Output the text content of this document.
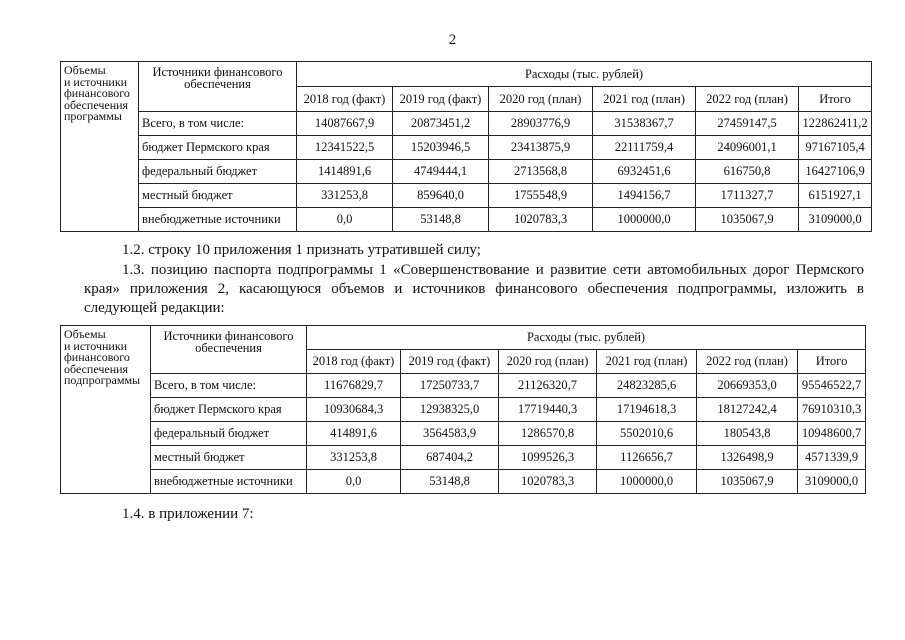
2
Объемы
и источники
финансового
обеспечения
программы	Источники финансового обеспечения	Расходы (тыс. рублей)					
		2018 год (факт)	2019 год (факт)	2020 год (план)	2021 год (план)	2022 год (план)	Итого
	Всего, в том числе:	14087667,9	20873451,2	28903776,9	31538367,7	27459147,5	122862411,2
	бюджет Пермского края	12341522,5	15203946,5	23413875,9	22111759,4	24096001,1	97167105,4
	федеральный бюджет	1414891,6	4749444,1	2713568,8	6932451,6	616750,8	16427106,9
	местный бюджет	331253,8	859640,0	1755548,9	1494156,7	1711327,7	6151927,1
	внебюджетные источники	0,0	53148,8	1020783,3	1000000,0	1035067,9	3109000,0

1.2. строку 10 приложения 1 признать утратившей силу;

1.3. позицию паспорта подпрограммы 1 «Совершенствование и развитие сети автомобильных дорог Пермского края» приложения 2, касающуюся объемов и источников финансового обеспечения подпрограммы, изложить в следующей редакции:

Объемы
и источники
финансового
обеспечения
подпрограммы	Источники финансового обеспечения	Расходы (тыс. рублей)					
		2018 год (факт)	2019 год (факт)	2020 год (план)	2021 год (план)	2022 год (план)	Итого
	Всего, в том числе:	11676829,7	17250733,7	21126320,7	24823285,6	20669353,0	95546522,7
	бюджет Пермского края	10930684,3	12938325,0	17719440,3	17194618,3	18127242,4	76910310,3
	федеральный бюджет	414891,6	3564583,9	1286570,8	5502010,6	180543,8	10948600,7
	местный бюджет	331253,8	687404,2	1099526,3	1126656,7	1326498,9	4571339,9
	внебюджетные источники	0,0	53148,8	1020783,3	1000000,0	1035067,9	3109000,0

1.4. в приложении 7:
